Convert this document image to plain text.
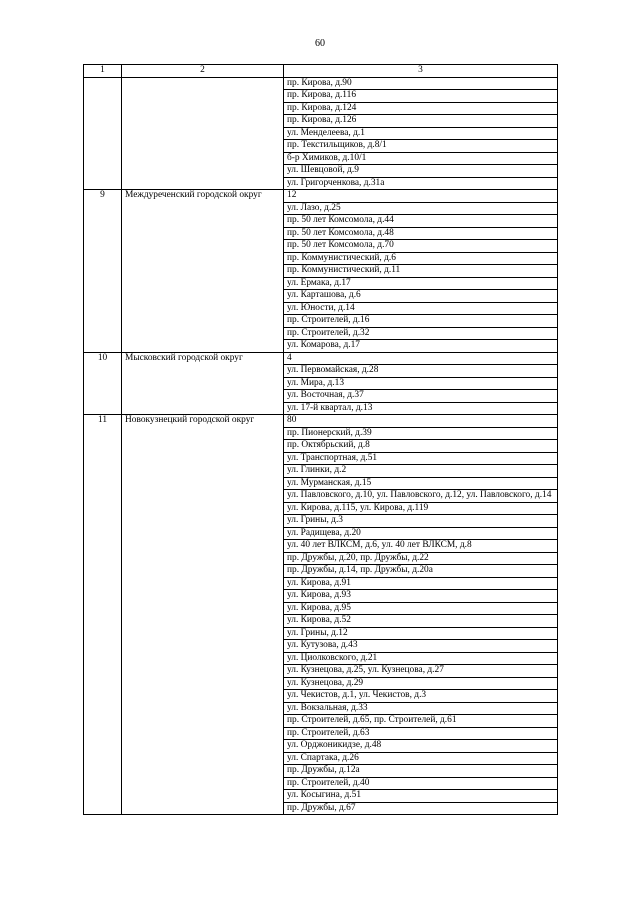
60
1	2	3
		пр. Кирова, д.90
		пр. Кирова, д.116
		пр. Кирова, д.124
		пр. Кирова, д.126
		ул. Менделеева, д.1
		пр. Текстильщиков, д.8/1
		б-р Химиков, д.10/1
		ул. Шевцовой, д.9
		ул. Григорченкова, д.31а
9	Междуреченский городской округ	12
		ул. Лазо, д.25
		пр. 50 лет Комсомола, д.44
		пр. 50 лет Комсомола, д.48
		пр. 50 лет Комсомола, д.70
		пр. Коммунистический, д.6
		пр. Коммунистический, д.11
		ул. Ермака, д.17
		ул. Карташова, д.6
		ул. Юности, д.14
		пр. Строителей, д.16
		пр. Строителей, д.32
		ул. Комарова, д.17
10	Мысковский городской округ	4
		ул. Первомайская, д.28
		ул. Мира, д.13
		ул. Восточная, д.37
		ул. 17-й квартал, д.13
11	Новокузнецкий городской округ	80
		пр. Пионерский, д.39
		пр. Октябрьский, д.8
		ул. Транспортная, д.51
		ул. Глинки, д.2
		ул. Мурманская, д.15
		ул. Павловского, д.10, ул. Павловского, д.12, ул. Павловского, д.14
		ул. Кирова, д.115, ул. Кирова, д.119
		ул. Грины, д.3
		ул. Радищева, д.20
		ул. 40 лет ВЛКСМ, д.6, ул. 40 лет ВЛКСМ, д.8
		пр. Дружбы, д.20, пр. Дружбы, д.22
		пр. Дружбы, д.14, пр. Дружбы, д.20а
		ул. Кирова, д.91
		ул. Кирова, д.93
		ул. Кирова, д.95
		ул. Кирова, д.52
		ул. Грины, д.12
		ул. Кутузова, д.43
		ул. Циолковского, д.21
		ул. Кузнецова, д.25, ул. Кузнецова, д.27
		ул. Кузнецова, д.29
		ул. Чекистов, д.1, ул. Чекистов, д.3
		ул. Вокзальная, д.33
		пр. Строителей, д.65, пр. Строителей, д.61
		пр. Строителей, д.63
		ул. Орджоникидзе, д.48
		ул. Спартака, д.26
		пр. Дружбы, д.12а
		пр. Строителей, д.40
		ул. Косыгина, д.51
		пр. Дружбы, д.67
